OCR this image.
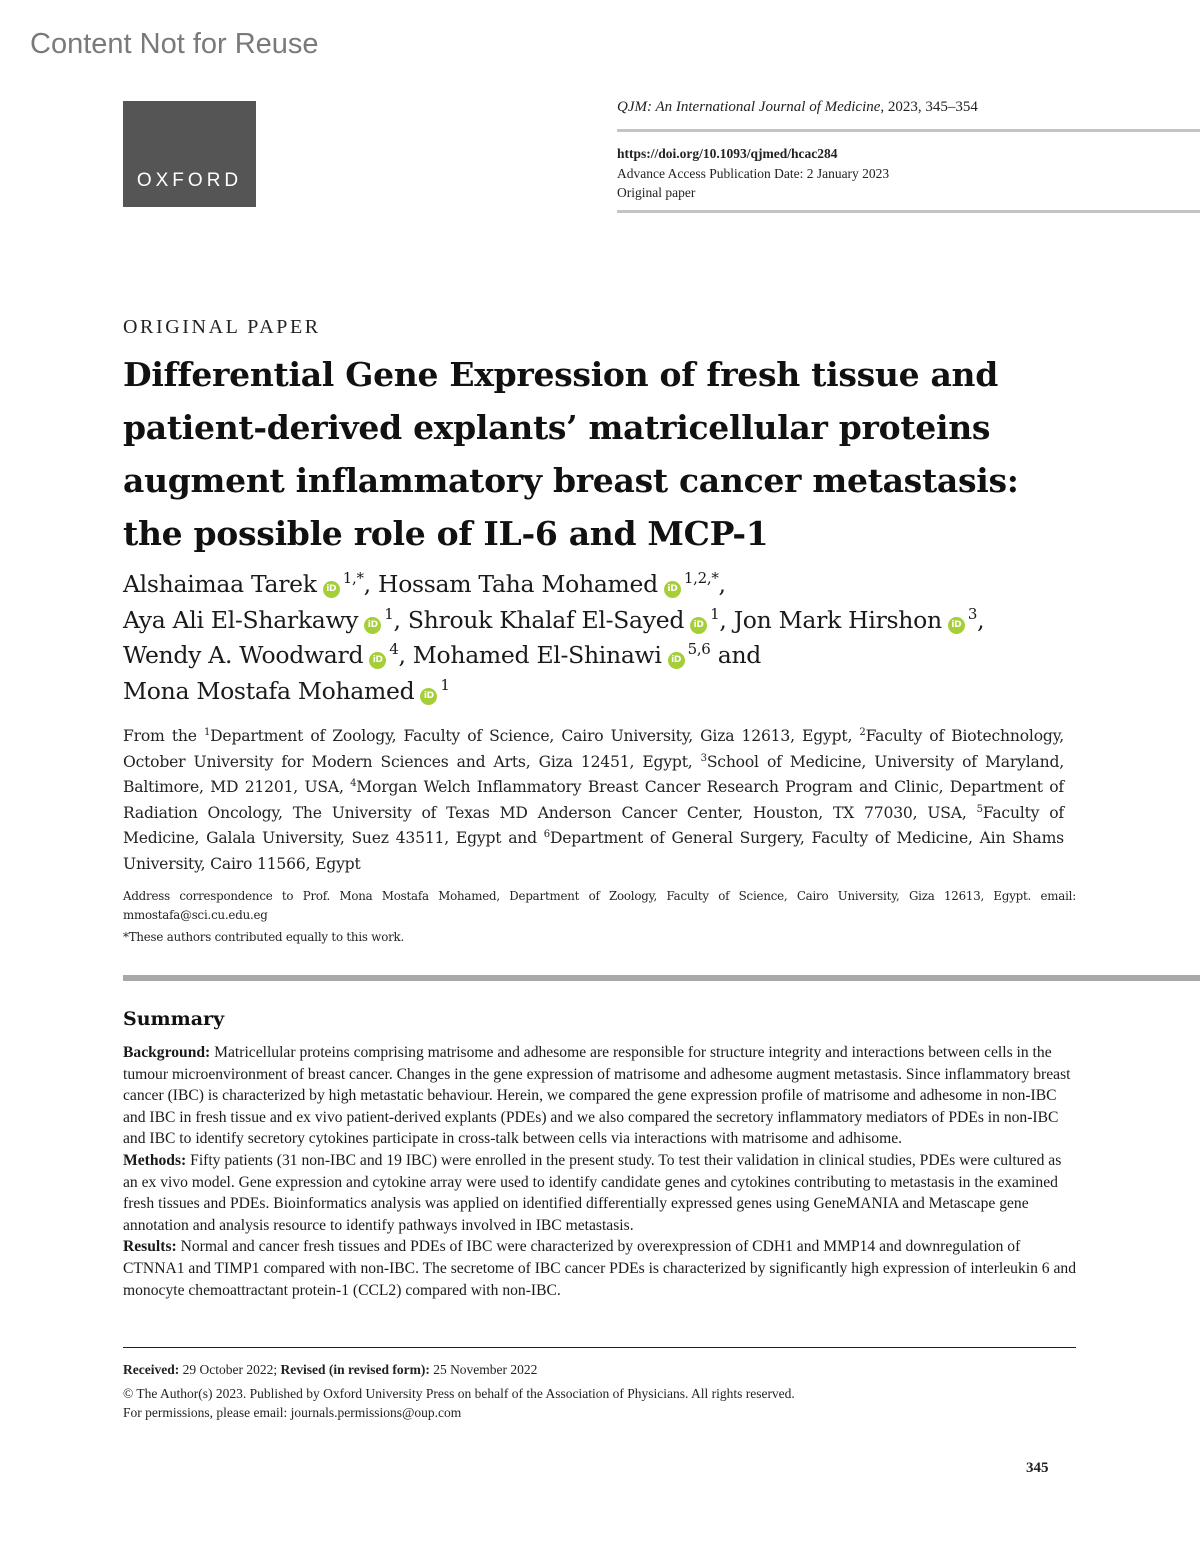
Content Not for Reuse
OXFORD
QJM: An International Journal of Medicine, 2023, 345–354
https://doi.org/10.1093/qjmed/hcac284
Advance Access Publication Date: 2 January 2023
Original paper
ORIGINAL PAPER
Differential Gene Expression of fresh tissue and patient-derived explants’ matricellular proteins augment inflammatory breast cancer metastasis: the possible role of IL-6 and MCP-1
Alshaimaa Tarek $iD^{1,*}$, Hossam Taha Mohamed $iD^{1,2,*}$,
Aya Ali El-Sharkawy $iD^1$, Shrouk Khalaf El-Sayed $iD^1$, Jon Mark Hirshon $iD^3$,
Wendy A. Woodward $iD^4$, Mohamed El-Shinawi iD$^{5,6}$ and
Mona Mostafa Mohamed $iD^1$
From the $^1$Department of Zoology, Faculty of Science, Cairo University, Giza 12613, Egypt, $^2$Faculty of Biotechnology, October University for Modern Sciences and Arts, Giza 12451, Egypt, $^3$School of Medicine, University of Maryland, Baltimore, MD 21201, USA, $^4$Morgan Welch Inflammatory Breast Cancer Research Program and Clinic, Department of Radiation Oncology, The University of Texas MD Anderson Cancer Center, Houston, TX 77030, USA, $^5$Faculty of Medicine, Galala University, Suez 43511, Egypt and $^6$Department of General Surgery, Faculty of Medicine, Ain Shams University, Cairo 11566, Egypt
Address correspondence to Prof. Mona Mostafa Mohamed, Department of Zoology, Faculty of Science, Cairo University, Giza 12613, Egypt. email: mmostafa@sci.cu.edu.eg
*These authors contributed equally to this work.
Summary

Background: Matricellular proteins comprising matrisome and adhesome are responsible for structure integrity and interactions between cells in the tumour microenvironment of breast cancer. Changes in the gene expression of matrisome and adhesome augment metastasis. Since inflammatory breast cancer (IBC) is characterized by high metastatic behaviour. Herein, we compared the gene expression profile of matrisome and adhesome in non-IBC and IBC in fresh tissue and ex vivo patient-derived explants (PDEs) and we also compared the secretory inflammatory mediators of PDEs in non-IBC and IBC to identify secretory cytokines participate in cross-talk between cells via interactions with matrisome and adhisome.

Methods: Fifty patients (31 non-IBC and 19 IBC) were enrolled in the present study. To test their validation in clinical studies, PDEs were cultured as an ex vivo model. Gene expression and cytokine array were used to identify candidate genes and cytokines contributing to metastasis in the examined fresh tissues and PDEs. Bioinformatics analysis was applied on identified differentially expressed genes using GeneMANIA and Metascape gene annotation and analysis resource to identify pathways involved in IBC metastasis.

Results: Normal and cancer fresh tissues and PDEs of IBC were characterized by overexpression of CDH1 and MMP14 and downregulation of CTNNA1 and TIMP1 compared with non-IBC. The secretome of IBC cancer PDEs is characterized by significantly high expression of interleukin 6 and monocyte chemoattractant protein-1 (CCL2) compared with non-IBC.

Received: 29 October 2022; Revised (in revised form): 25 November 2022
© The Author(s) 2023. Published by Oxford University Press on behalf of the Association of Physicians. All rights reserved.
For permissions, please email: journals.permissions@oup.com
345
